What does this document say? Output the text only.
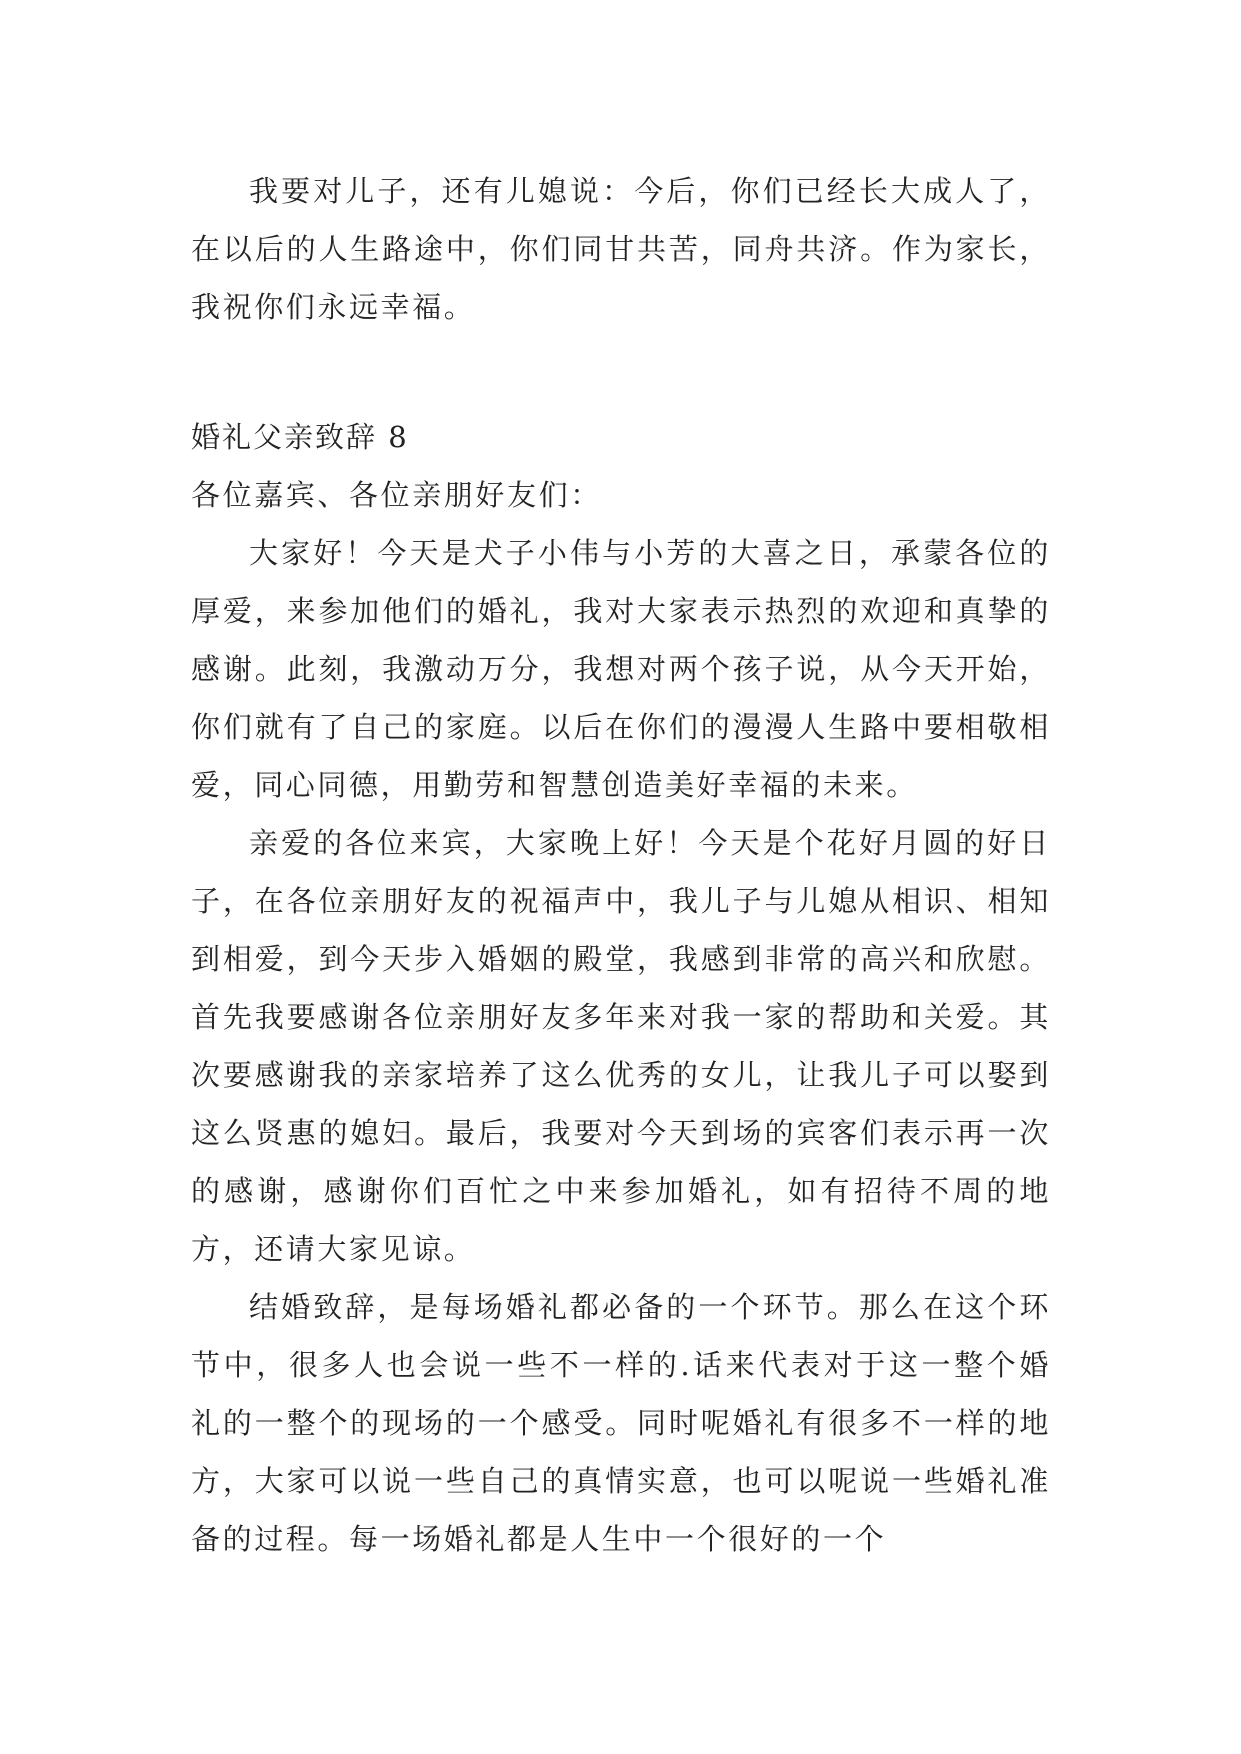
我要对儿子，还有儿媳说：今后，你们已经长大成人了，在以后的人生路途中，你们同甘共苦，同舟共济。作为家长，我祝你们永远幸福。

婚礼父亲致辞 8

各位嘉宾、各位亲朋好友们：

大家好！今天是犬子小伟与小芳的大喜之日，承蒙各位的厚爱，来参加他们的婚礼，我对大家表示热烈的欢迎和真挚的感谢。此刻，我激动万分，我想对两个孩子说，从今天开始，你们就有了自己的家庭。以后在你们的漫漫人生路中要相敬相爱，同心同德，用勤劳和智慧创造美好幸福的未来。

亲爱的各位来宾，大家晚上好！今天是个花好月圆的好日子，在各位亲朋好友的祝福声中，我儿子与儿媳从相识、相知到相爱，到今天步入婚姻的殿堂，我感到非常的高兴和欣慰。首先我要感谢各位亲朋好友多年来对我一家的帮助和关爱。其次要感谢我的亲家培养了这么优秀的女儿，让我儿子可以娶到这么贤惠的媳妇。最后，我要对今天到场的宾客们表示再一次的感谢，感谢你们百忙之中来参加婚礼，如有招待不周的地方，还请大家见谅。

结婚致辞，是每场婚礼都必备的一个环节。那么在这个环节中，很多人也会说一些不一样的.话来代表对于这一整个婚礼的一整个的现场的一个感受。同时呢婚礼有很多不一样的地方，大家可以说一些自己的真情实意，也可以呢说一些婚礼准备的过程。每一场婚礼都是人生中一个很好的一个
